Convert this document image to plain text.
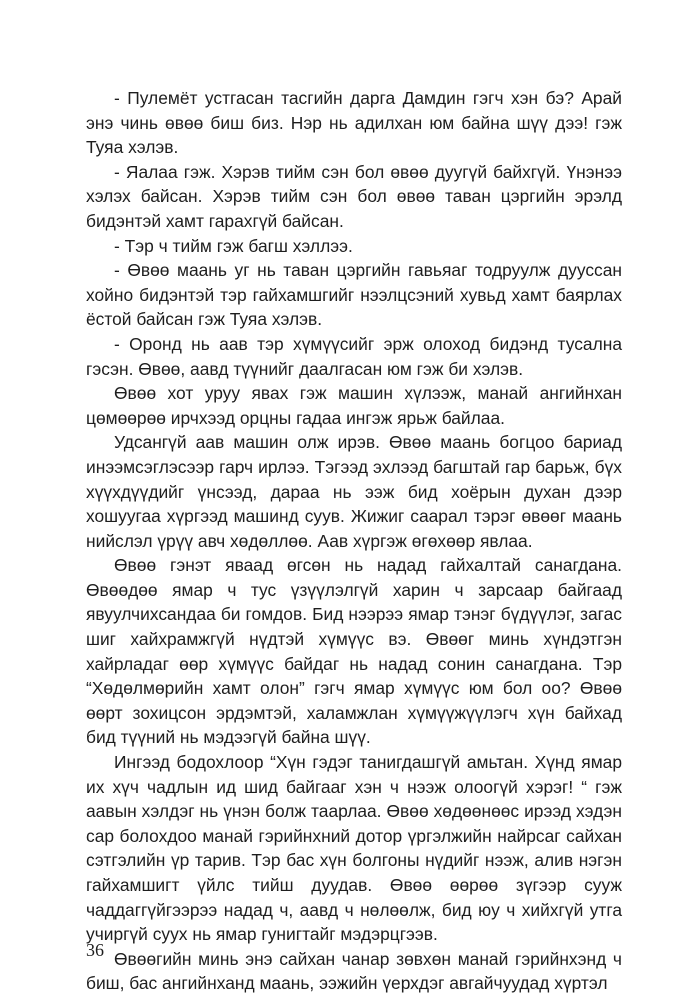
- Пулемёт устгасан тасгийн дарга Дамдин гэгч хэн бэ? Арай энэ чинь өвөө биш биз. Нэр нь адилхан юм байна шүү дээ! гэж Туяа хэлэв.

- Яалаа гэж. Хэрэв тийм сэн бол өвөө дуугүй байхгүй. Үнэнээ хэлэх байсан. Хэрэв тийм сэн бол өвөө таван цэргийн эрэлд бидэнтэй хамт гарахгүй байсан.

- Тэр ч тийм гэж багш хэллээ.

- Өвөө маань уг нь таван цэргийн гавьяаг тодруулж дууссан хойно бидэнтэй тэр гайхамшгийг нээлцсэний хувьд хамт баярлах ёстой байсан гэж Туяа хэлэв.

- Оронд нь аав тэр хүмүүсийг эрж олоход бидэнд тусална гэсэн. Өвөө, аавд түүнийг даалгасан юм гэж би хэлэв.

Өвөө хот уруу явах гэж машин хүлээж, манай ангийнхан цөмөөрөө ирчхээд орцны гадаа ингэж ярьж байлаа.

Удсангүй аав машин олж ирэв. Өвөө маань богцоо бариад инээмсэглэсээр гарч ирлээ. Тэгээд эхлээд багштай гар барьж, бүх хүүхдүүдийг үнсээд, дараа нь ээж бид хоёрын духан дээр хошуугаа хүргээд машинд суув. Жижиг саарал тэрэг өвөөг маань нийслэл үрүү авч хөдөллөө. Аав хүргэж өгөхөөр явлаа.

Өвөө гэнэт яваад өгсөн нь надад гайхалтай санагдана. Өвөөдөө ямар ч тус үзүүлэлгүй харин ч зарсаар байгаад явуулчихсандаа би гомдов. Бид нээрээ ямар тэнэг бүдүүлэг, загас шиг хайхрамжгүй нүдтэй хүмүүс вэ. Өвөөг минь хүндэтгэн хайрладаг өөр хүмүүс байдаг нь надад сонин санагдана. Тэр “Хөдөлмөрийн хамт олон” гэгч ямар хүмүүс юм бол оо? Өвөө өөрт зохицсон эрдэмтэй, халамжлан хүмүүжүүлэгч хүн байхад бид түүний нь мэдээгүй байна шүү.

Ингээд бодохлоор “Хүн гэдэг танигдашгүй амьтан. Хүнд ямар их хүч чадлын ид шид байгааг хэн ч нээж олоогүй хэрэг! “ гэж аавын хэлдэг нь үнэн болж таарлаа. Өвөө хөдөөнөөс ирээд хэдэн сар болохдоо манай гэрийнхний дотор үргэлжийн найрсаг сайхан сэтгэлийн үр тарив. Тэр бас хүн болгоны нүдийг нээж, алив нэгэн гайхамшигт үйлс тийш дуудав. Өвөө өөрөө зүгээр сууж чаддаггүйгээрээ надад ч, аавд ч нөлөөлж, бид юу ч хийхгүй утга учиргүй суух нь ямар гунигтайг мэдэрцгээв.

Өвөөгийн минь энэ сайхан чанар зөвхөн манай гэрийнхэнд ч биш, бас ангийнханд маань, ээжийн үерхдэг авгайчуудад хүртэл

36
